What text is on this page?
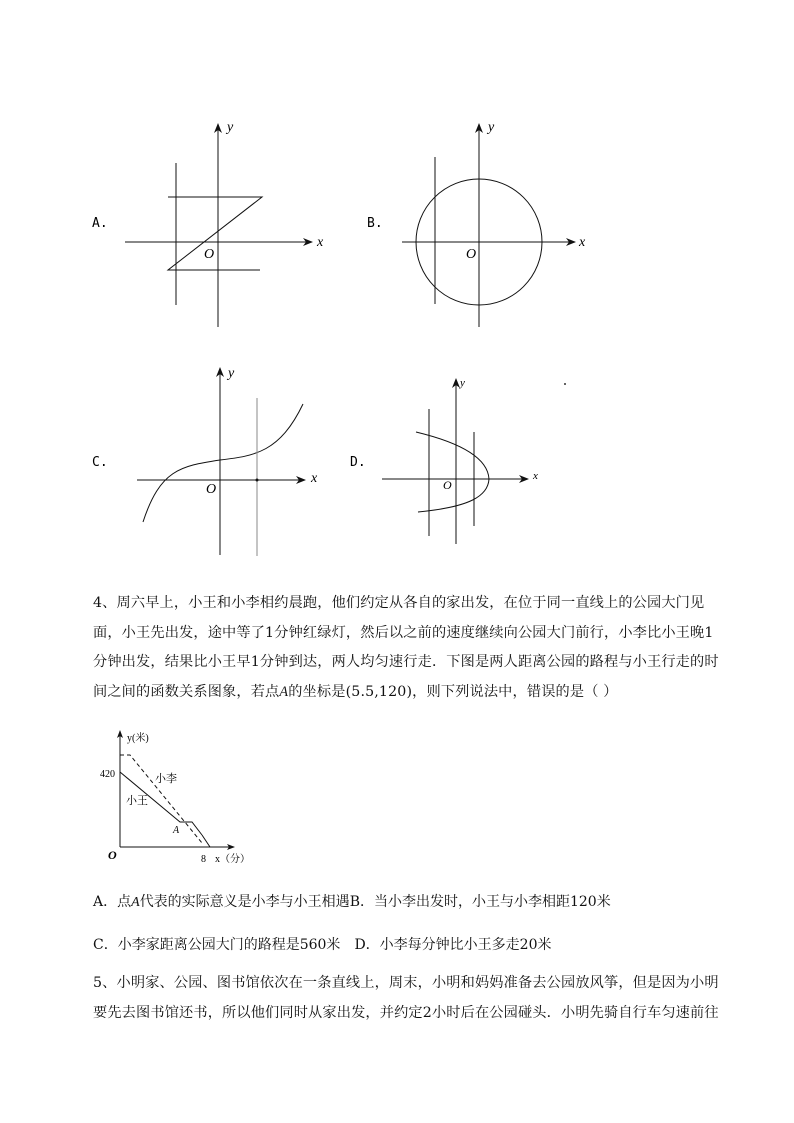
A.
x
y
O
B.
x
y
O
C.
x
y
O
D.
x
y
O
4、周六早上，小王和小李相约晨跑，他们约定从各自的家出发，在位于同一直线上的公园大门见
面，小王先出发，途中等了1分钟红绿灯，然后以之前的速度继续向公园大门前行，小李比小王晚1
分钟出发，结果比小王早1分钟到达，两人均匀速行走．下图是两人距离公园的路程与小王行走的时
间之间的函数关系图象，若点A的坐标是(5.5,120)，则下列说法中，错误的是（ ）
y(米)
x（分）
420
8
O
小李
小王
A
A．点A代表的实际意义是小李与小王相遇B．当小李出发时，小王与小李相距120米
C．小李家距离公园大门的路程是560米 D．小李每分钟比小王多走20米
5、小明家、公园、图书馆依次在一条直线上，周末，小明和妈妈准备去公园放风筝，但是因为小明
要先去图书馆还书，所以他们同时从家出发，并约定2小时后在公园碰头．小明先骑自行车匀速前往
